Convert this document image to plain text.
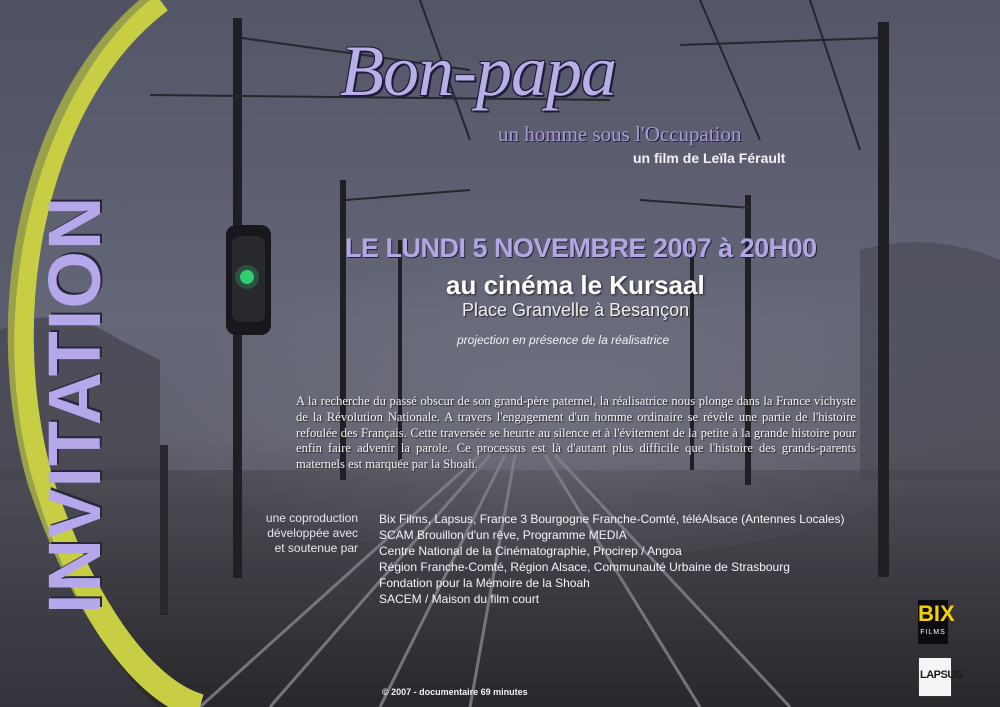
INVITATION
Bon-papa
un homme sous l'Occupation
un film de Leïla Férault
LE LUNDI 5 NOVEMBRE 2007 à 20H00
au cinéma le Kursaal
Place Granvelle à Besançon
projection en présence de la réalisatrice
A la recherche du passé obscur de son grand-père paternel, la réalisatrice nous plonge dans la France vichyste de la Révolution Nationale. A travers l'engagement d'un homme ordinaire se révèle une partie de l'histoire refoulée des Français. Cette traversée se heurte au silence et à l'évitement de la petite à la grande histoire pour enfin faire advenir la parole. Ce processus est là d'autant plus difficile que l'histoire des grands-parents maternels est marquée par la Shoah.
une coproduction
développée avec
et soutenue par
Bix Films, Lapsus, France 3 Bourgogne Franche-Comté, téléAlsace (Antennes Locales)
SCAM Brouillon d'un rêve, Programme MEDIA
Centre National de la Cinématographie, Procirep / Angoa
Région Franche-Comté, Région Alsace, Communauté Urbaine de Strasbourg
Fondation pour la Mémoire de la Shoah
SACEM / Maison du film court
© 2007 - documentaire 69 minutes
BIX
FILMS
LAPSUS
